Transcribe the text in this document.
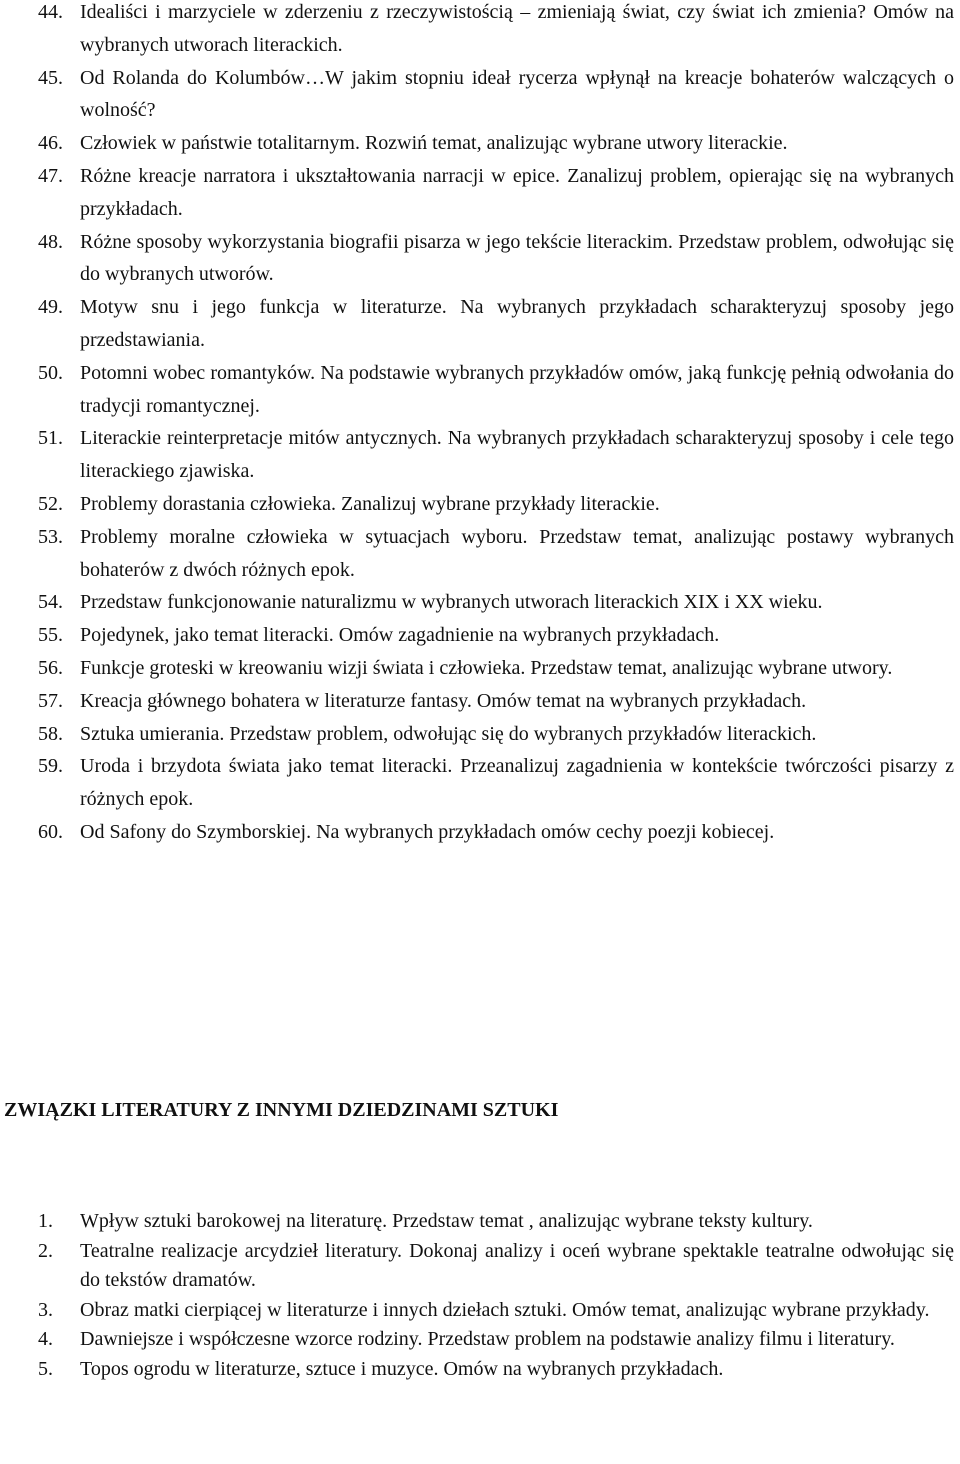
44. Idealiści i marzyciele w zderzeniu z rzeczywistością – zmieniają świat, czy świat ich zmienia? Omów na wybranych utworach literackich.
45. Od Rolanda do Kolumbów…W jakim stopniu ideał rycerza wpłynął na kreacje bohaterów walczących o wolność?
46. Człowiek w państwie totalitarnym. Rozwiń temat, analizując wybrane utwory literackie.
47. Różne kreacje narratora i ukształtowania narracji w epice. Zanalizuj problem, opierając się na wybranych przykładach.
48. Różne sposoby wykorzystania biografii pisarza w jego tekście literackim. Przedstaw problem, odwołując się do wybranych utworów.
49. Motyw snu i jego funkcja w literaturze. Na wybranych przykładach scharakteryzuj sposoby jego przedstawiania.
50. Potomni wobec romantyków. Na podstawie wybranych przykładów omów, jaką funkcję pełnią odwołania do tradycji romantycznej.
51. Literackie reinterpretacje mitów antycznych. Na wybranych przykładach scharakteryzuj sposoby i cele tego literackiego zjawiska.
52. Problemy dorastania człowieka. Zanalizuj wybrane przykłady literackie.
53. Problemy moralne człowieka w sytuacjach wyboru. Przedstaw temat, analizując postawy wybranych bohaterów z dwóch różnych epok.
54. Przedstaw funkcjonowanie naturalizmu w wybranych utworach literackich XIX i XX wieku.
55. Pojedynek, jako temat literacki. Omów zagadnienie na wybranych przykładach.
56. Funkcje groteski w kreowaniu wizji świata i człowieka. Przedstaw temat, analizując wybrane utwory.
57. Kreacja głównego bohatera w literaturze fantasy. Omów temat na wybranych przykładach.
58. Sztuka umierania. Przedstaw problem, odwołując się do wybranych przykładów literackich.
59. Uroda i brzydota świata jako temat literacki. Przeanalizuj zagadnienia w kontekście twórczości pisarzy z różnych epok.
60. Od Safony do Szymborskiej. Na wybranych przykładach omów cechy poezji kobiecej.
ZWIĄZKI LITERATURY Z INNYMI DZIEDZINAMI SZTUKI
1. Wpływ sztuki barokowej na literaturę. Przedstaw temat , analizując wybrane teksty kultury.
2. Teatralne realizacje arcydzieł literatury. Dokonaj analizy i oceń wybrane spektakle teatralne odwołując się do tekstów dramatów.
3. Obraz matki cierpiącej w literaturze i innych dziełach sztuki. Omów temat, analizując wybrane przykłady.
4. Dawniejsze i współczesne wzorce rodziny. Przedstaw problem na podstawie analizy filmu i literatury.
5. Topos ogrodu w literaturze, sztuce i muzyce. Omów na wybranych przykładach.
